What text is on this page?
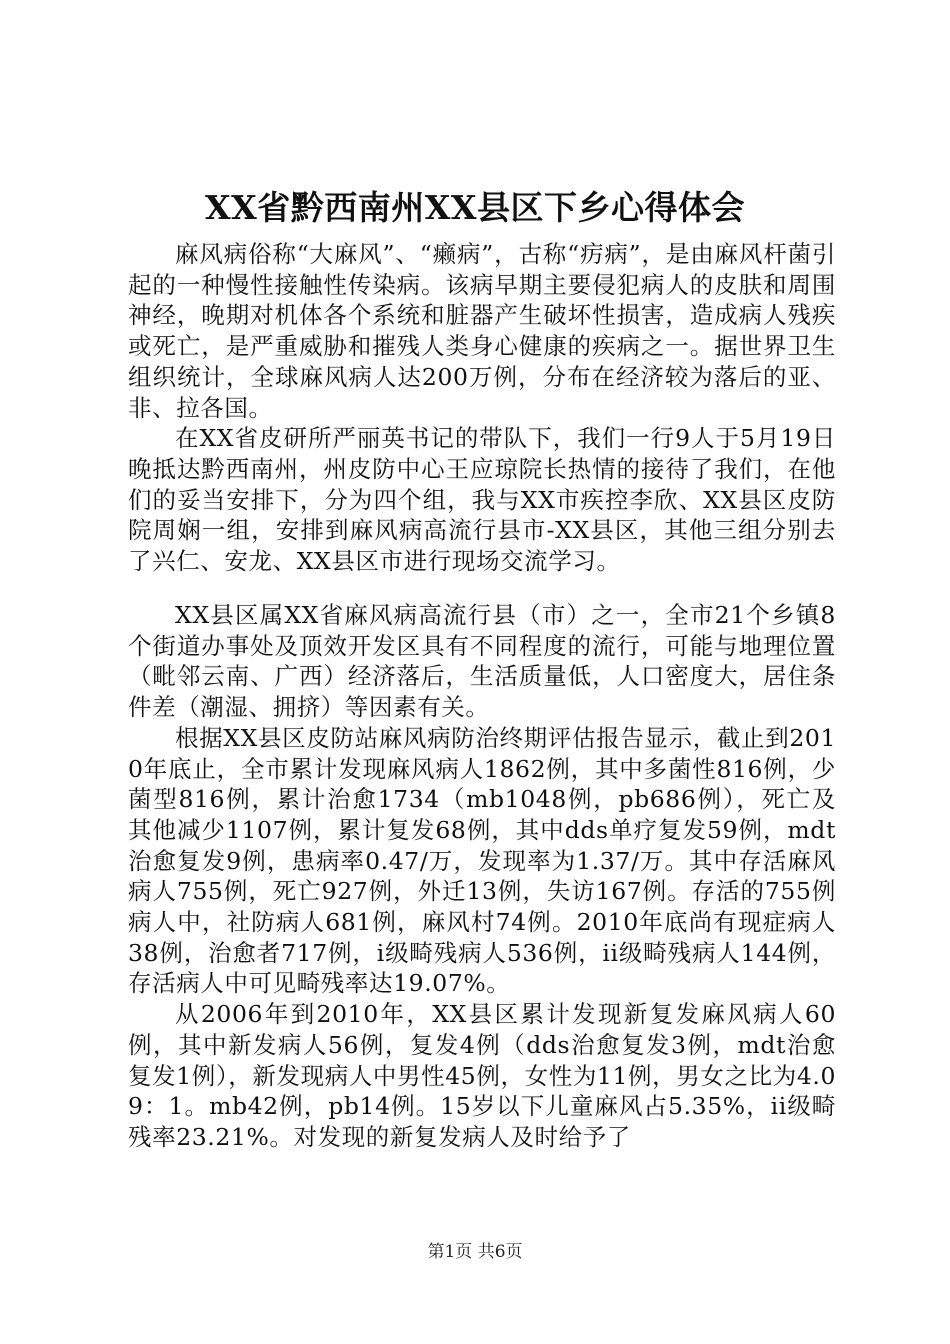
XX省黔西南州XX县区下乡心得体会

麻风病俗称“大麻风”、“癞病”，古称“疠病”，是由麻风杆菌引起的一种慢性接触性传染病。该病早期主要侵犯病人的皮肤和周围神经，晚期对机体各个系统和脏器产生破坏性损害，造成病人残疾或死亡，是严重威胁和摧残人类身心健康的疾病之一。据世界卫生组织统计，全球麻风病人达200万例，分布在经济较为落后的亚、非、拉各国。

在XX省皮研所严丽英书记的带队下，我们一行9人于5月19日晚抵达黔西南州，州皮防中心王应琼院长热情的接待了我们，在他们的妥当安排下，分为四个组，我与XX市疾控李欣、XX县区皮防院周娴一组，安排到麻风病高流行县市-XX县区，其他三组分别去了兴仁、安龙、XX县区市进行现场交流学习。

XX县区属XX省麻风病高流行县（市）之一，全市21个乡镇8个街道办事处及顶效开发区具有不同程度的流行，可能与地理位置（毗邻云南、广西）经济落后，生活质量低，人口密度大，居住条件差（潮湿、拥挤）等因素有关。

根据XX县区皮防站麻风病防治终期评估报告显示，截止到2010年底止，全市累计发现麻风病人1862例，其中多菌性816例，少菌型816例，累计治愈1734（mb1048例，pb686例），死亡及其他减少1107例，累计复发68例，其中dds单疗复发59例，mdt治愈复发9例，患病率0.47/万，发现率为1.37/万。其中存活麻风病人755例，死亡927例，外迁13例，失访167例。存活的755例病人中，社防病人681例，麻风村74例。2010年底尚有现症病人38例，治愈者717例，i级畸残病人536例，ii级畸残病人144例，存活病人中可见畸残率达19.07%。

从2006年到2010年，XX县区累计发现新复发麻风病人60例，其中新发病人56例，复发4例（dds治愈复发3例，mdt治愈复发1例），新发现病人中男性45例，女性为11例，男女之比为4.09：1。mb42例，pb14例。15岁以下儿童麻风占5.35%，ii级畸残率23.21%。对发现的新复发病人及时给予了

第1页 共6页
